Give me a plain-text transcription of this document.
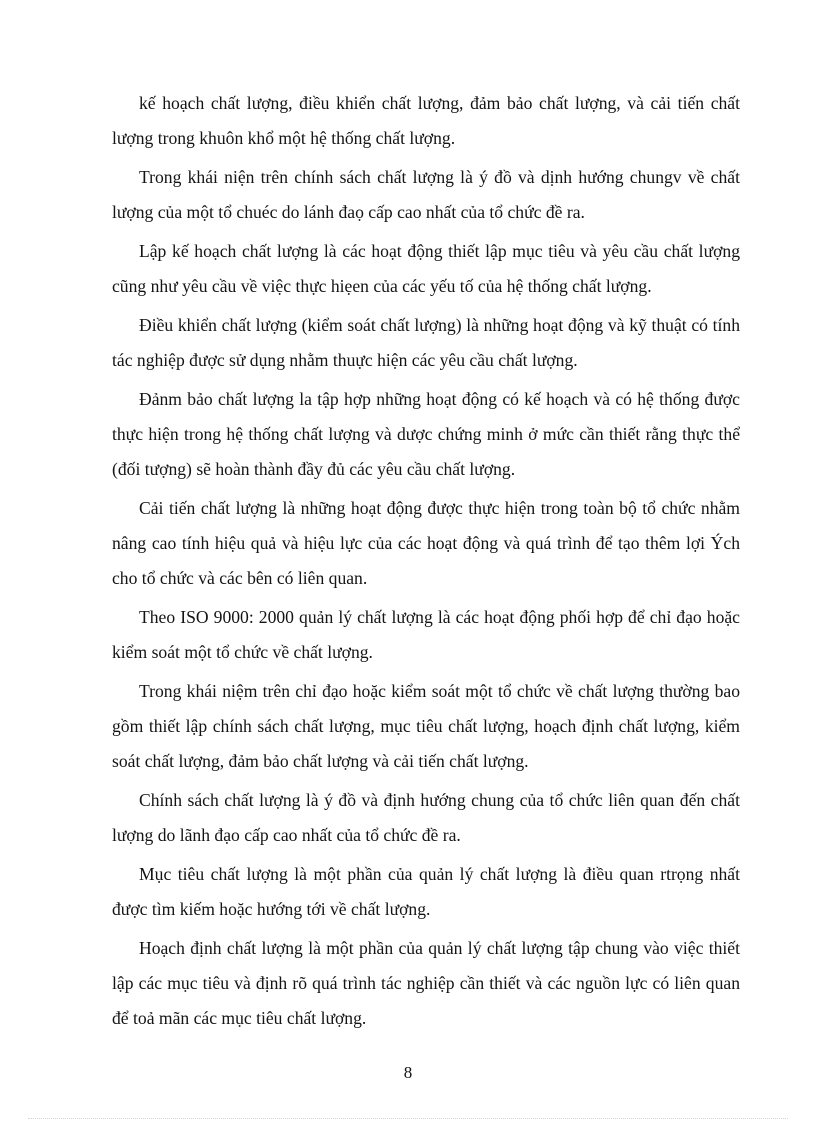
kế hoạch chất lượng, điều khiển chất lượng, đảm bảo chất lượng, và cải tiến chất lượng trong khuôn khổ một hệ thống chất lượng.

Trong khái niện trên chính sách chất lượng là ý đồ và dịnh hướng chungv về chất lượng của một tổ chuéc do lánh đaọ cấp cao nhất của tổ chức đề ra.

Lập kế hoạch chất lượng là các hoạt động thiết lập mục tiêu và yêu cầu chất lượng cũng như yêu cầu về việc thực hiẹen của các yếu tố của hệ thống chất lượng.

Điều khiển chất lượng (kiểm soát chất lượng) là những hoạt động và kỹ thuật có tính tác nghiệp được sử dụng nhằm thuực hiện các yêu cầu chất lượng.

Đảnm bảo chất lượng la tập hợp những hoạt động có kế hoạch và có hệ thống được thực hiện trong hệ thống chất lượng và dược chứng minh ở mức cần thiết rằng thực thể (đối tượng) sẽ hoàn thành đầy đủ các yêu cầu chất lượng.

Cải tiến chất lượng là những hoạt động được thực hiện trong toàn bộ tổ chức nhằm nâng cao tính hiệu quả và hiệu lực của các hoạt động và quá trình để tạo thêm lợi Ých cho tổ chức và các bên có liên quan.

Theo ISO 9000: 2000 quản lý chất lượng là các hoạt động phối hợp để chỉ đạo hoặc kiểm soát một tổ chức về chất lượng.

Trong khái niệm trên chỉ đạo hoặc kiểm soát một tổ chức về chất lượng thường bao gồm thiết lập chính sách chất lượng, mục tiêu chất lượng, hoạch định chất lượng, kiểm soát chất lượng, đảm bảo chất lượng và cải tiến chất lượng.

Chính sách chất lượng là ý đồ và định hướng chung của tổ chức liên quan đến chất lượng do lãnh đạo cấp cao nhất của tổ chức đề ra.

Mục tiêu chất lượng là một phần của quản lý chất lượng là điều quan rtrọng nhất được tìm kiếm hoặc hướng tới về chất lượng.

Hoạch định chất lượng là một phần của quản lý chất lượng tập chung vào việc thiết lập các mục tiêu và định rõ quá trình tác nghiệp cần thiết và các nguồn lực có liên quan để toả mãn các mục tiêu chất lượng.

8
